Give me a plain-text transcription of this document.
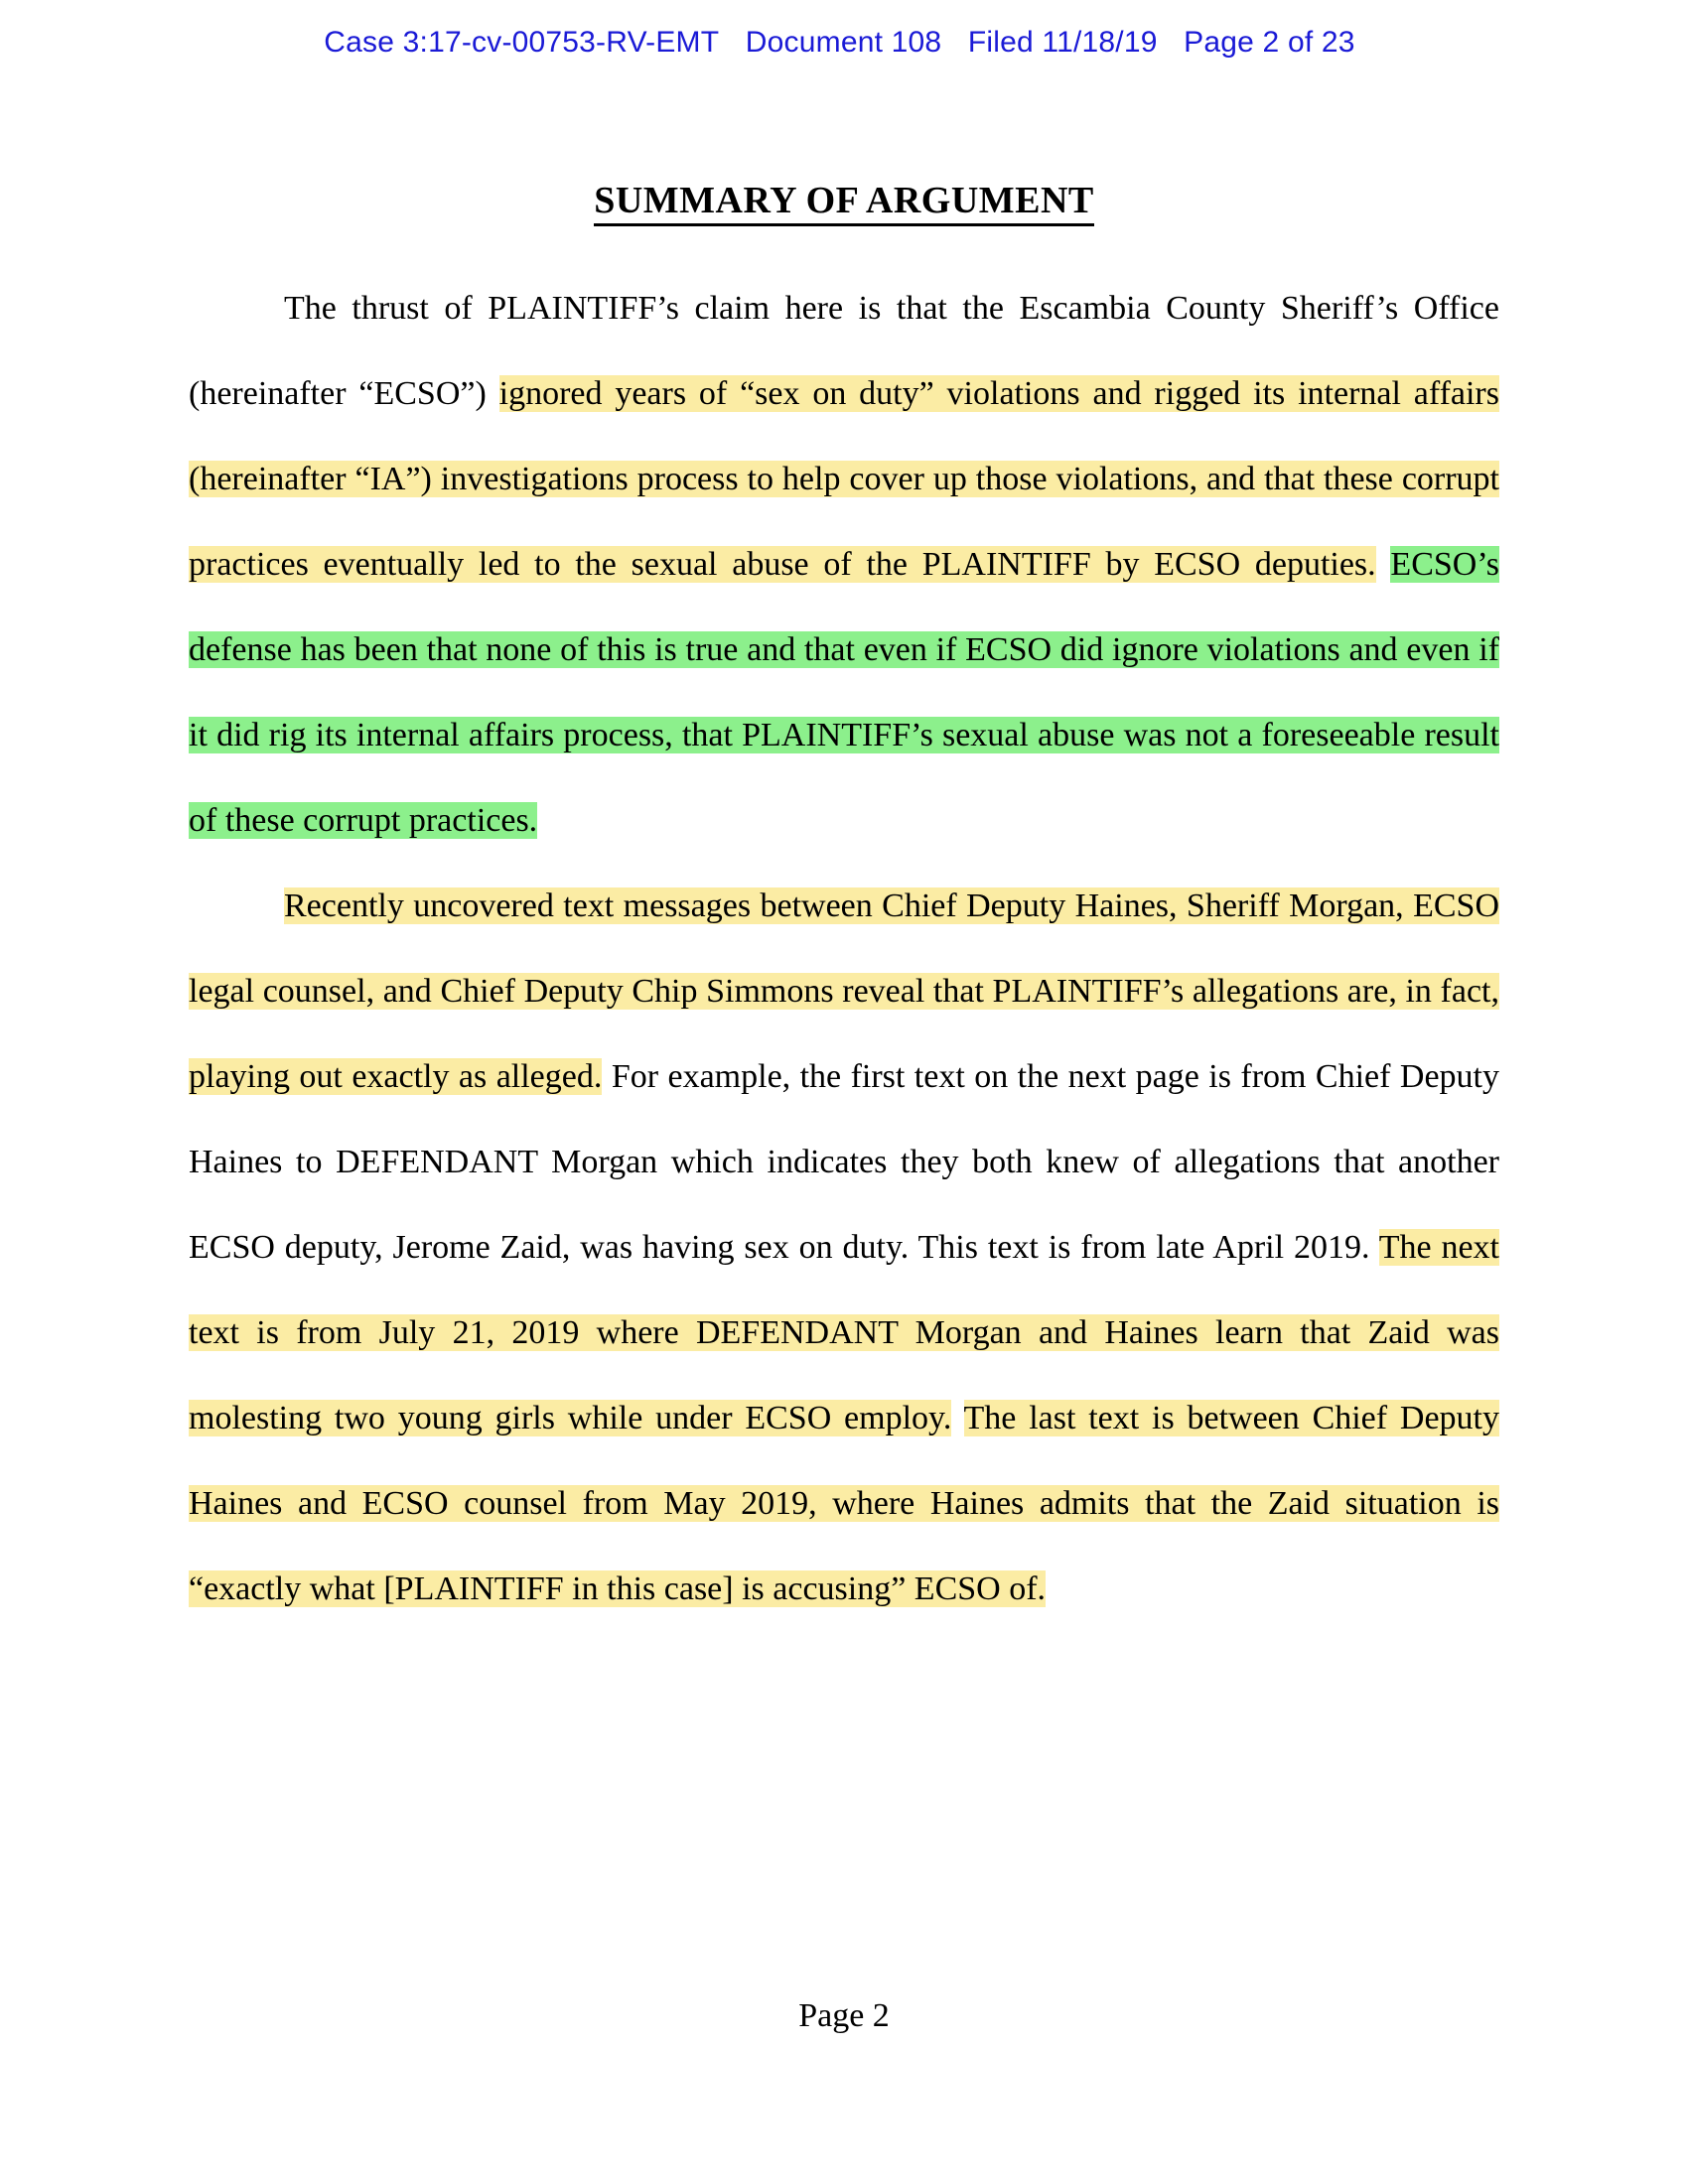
Case 3:17-cv-00753-RV-EMT Document 108 Filed 11/18/19 Page 2 of 23
SUMMARY OF ARGUMENT

The thrust of PLAINTIFF’s claim here is that the Escambia County Sheriff’s Office (hereinafter “ECSO”) ignored years of “sex on duty” violations and rigged its internal affairs (hereinafter “IA”) investigations process to help cover up those violations, and that these corrupt practices eventually led to the sexual abuse of the PLAINTIFF by ECSO deputies. ECSO’s defense has been that none of this is true and that even if ECSO did ignore violations and even if it did rig its internal affairs process, that PLAINTIFF’s sexual abuse was not a foreseeable result of these corrupt practices.

Recently uncovered text messages between Chief Deputy Haines, Sheriff Morgan, ECSO legal counsel, and Chief Deputy Chip Simmons reveal that PLAINTIFF’s allegations are, in fact, playing out exactly as alleged. For example, the first text on the next page is from Chief Deputy Haines to DEFENDANT Morgan which indicates they both knew of allegations that another ECSO deputy, Jerome Zaid, was having sex on duty. This text is from late April 2019. The next text is from July 21, 2019 where DEFENDANT Morgan and Haines learn that Zaid was molesting two young girls while under ECSO employ. The last text is between Chief Deputy Haines and ECSO counsel from May 2019, where Haines admits that the Zaid situation is “exactly what [PLAINTIFF in this case] is accusing” ECSO of.

Page 2
